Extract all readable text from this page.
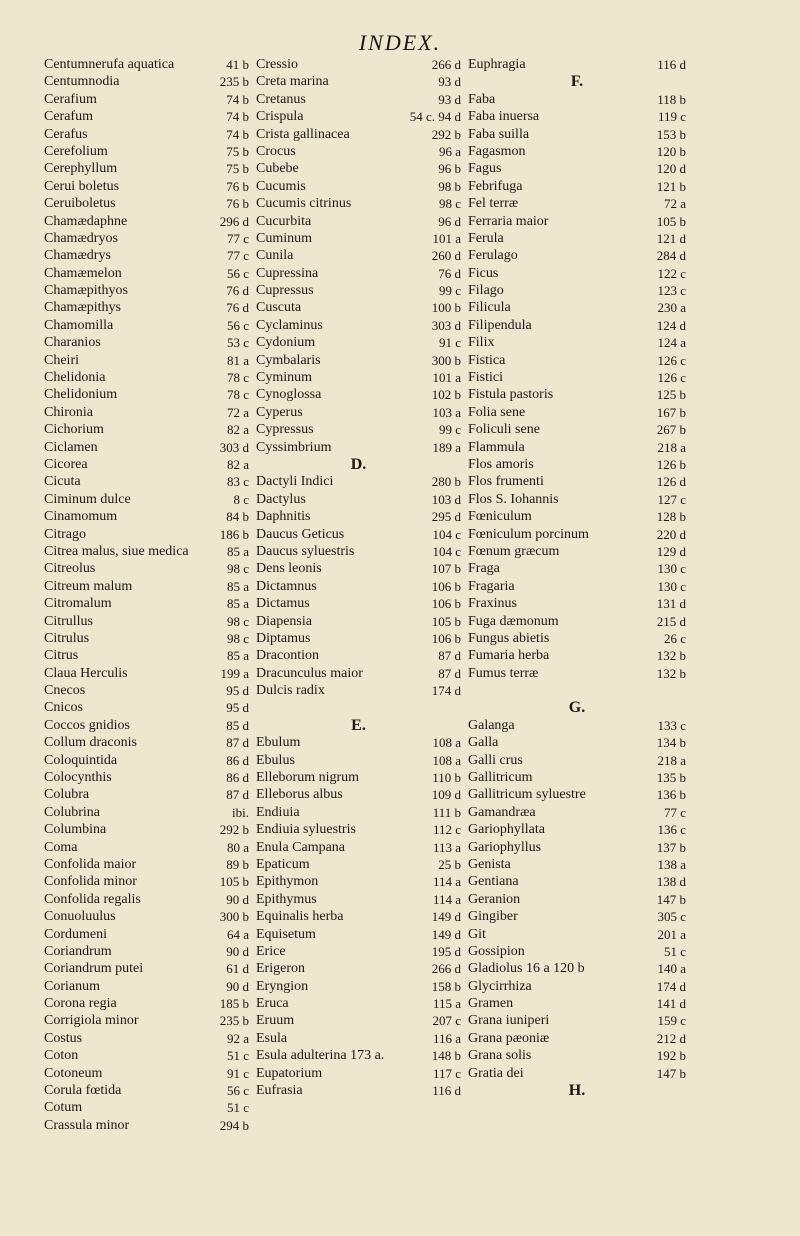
INDEX.
Centumnerufa aquatica	41 b
Centumnodia	235 b
Cerafium	74 b
Cerafum	74 b
Cerafus	74 b
Cerefolium	75 b
Cerephyllum	75 b
Cerui boletus	76 b
Ceruiboletus	76 b
Chamædaphne	296 d
Chamædryos	77 c
Chamædrys	77 c
Chamæmelon	56 c
Chamæpithyos	76 d
Chamæpithys	76 d
Chamomilla	56 c
Charanios	53 c
Cheiri	81 a
Chelidonia	78 c
Chelidonium	78 c
Chironia	72 a
Cichorium	82 a
Ciclamen	303 d
Cicorea	82 a
Cicuta	83 c
Ciminum dulce	8 c
Cinamomum	84 b
Citrago	186 b
Citrea malus, siue medica	85 a
Citreolus	98 c
Citreum malum	85 a
Citromalum	85 a
Citrullus	98 c
Citrulus	98 c
Citrus	85 a
Claua Herculis	199 a
Cnecos	95 d
Cnicos	95 d
Coccos gnidios	85 d
Collum draconis	87 d
Coloquintida	86 d
Colocynthis	86 d
Colubra	87 d
Colubrina	ibi.
Columbina	292 b
Coma	80 a
Confolida maior	89 b
Confolida minor	105 b
Confolida regalis	90 d
Conuoluulus	300 b
Cordumeni	64 a
Coriandrum	90 d
Coriandrum putei	61 d
Corianum	90 d
Corona regia	185 b
Corrigiola minor	235 b
Costus	92 a
Coton	51 c
Cotoneum	91 c
Corula fœtida	56 c
Cotum	51 c
Crassula minor	294 b
Cressio	266 d
Creta marina	93 d
Cretanus	93 d
Crispula	54 c. 94 d
Crista gallinacea	292 b
Crocus	96 a
Cubebe	96 b
Cucumis	98 b
Cucumis citrinus	98 c
Cucurbita	96 d
Cuminum	101 a
Cunila	260 d
Cupressina	76 d
Cupressus	99 c
Cuscuta	100 b
Cyclaminus	303 d
Cydonium	91 c
Cymbalaris	300 b
Cyminum	101 a
Cynoglossa	102 b
Cyperus	103 a
Cypressus	99 c
Cyssimbrium	189 a
D.
Dactyli Indici	280 b
Dactylus	103 d
Daphnitis	295 d
Daucus Geticus	104 c
Daucus syluestris	104 c
Dens leonis	107 b
Dictamnus	106 b
Dictamus	106 b
Diapensia	105 b
Diptamus	106 b
Dracontion	87 d
Dracunculus maior	87 d
Dulcis radix	174 d
E.
Ebulum	108 a
Ebulus	108 a
Elleborum nigrum	110 b
Elleborus albus	109 d
Endiuia	111 b
Endiuia syluestris	112 c
Enula Campana	113 a
Epaticum	25 b
Epithymon	114 a
Epithymus	114 a
Equinalis herba	149 d
Equisetum	149 d
Erice	195 d
Erigeron	266 d
Eryngion	158 b
Eruca	115 a
Eruum	207 c
Esula	116 a
Esula adulterina 173 a.	148 b
Eupatorium	117 c
Eufrasia	116 d
Euphragia	116 d
F.
Faba	118 b
Faba inuersa	119 c
Faba suilla	153 b
Fagasmon	120 b
Fagus	120 d
Febrifuga	121 b
Fel terræ	72 a
Ferraria maior	105 b
Ferula	121 d
Ferulago	284 d
Ficus	122 c
Filago	123 c
Filicula	230 a
Filipendula	124 d
Filix	124 a
Fistica	126 c
Fistici	126 c
Fistula pastoris	125 b
Folia sene	167 b
Foliculi sene	267 b
Flammula	218 a
Flos amoris	126 b
Flos frumenti	126 d
Flos S. Iohannis	127 c
Fœniculum	128 b
Fœniculum porcinum	220 d
Fœnum græcum	129 d
Fraga	130 c
Fragaria	130 c
Fraxinus	131 d
Fuga dæmonum	215 d
Fungus abietis	26 c
Fumaria herba	132 b
Fumus terræ	132 b
G.
Galanga	133 c
Galla	134 b
Galli crus	218 a
Gallitricum	135 b
Gallitricum syluestre	136 b
Gamandræa	77 c
Gariophyllata	136 c
Gariophyllus	137 b
Genista	138 a
Gentiana	138 d
Geranion	147 b
Gingiber	305 c
Git	201 a
Gossipion	51 c
Gladiolus 16 a 120 b	140 a
Glycirrhiza	174 d
Gramen	141 d
Grana iuniperi	159 c
Grana pæoniæ	212 d
Grana solis	192 b
Gratia dei	147 b
H.
